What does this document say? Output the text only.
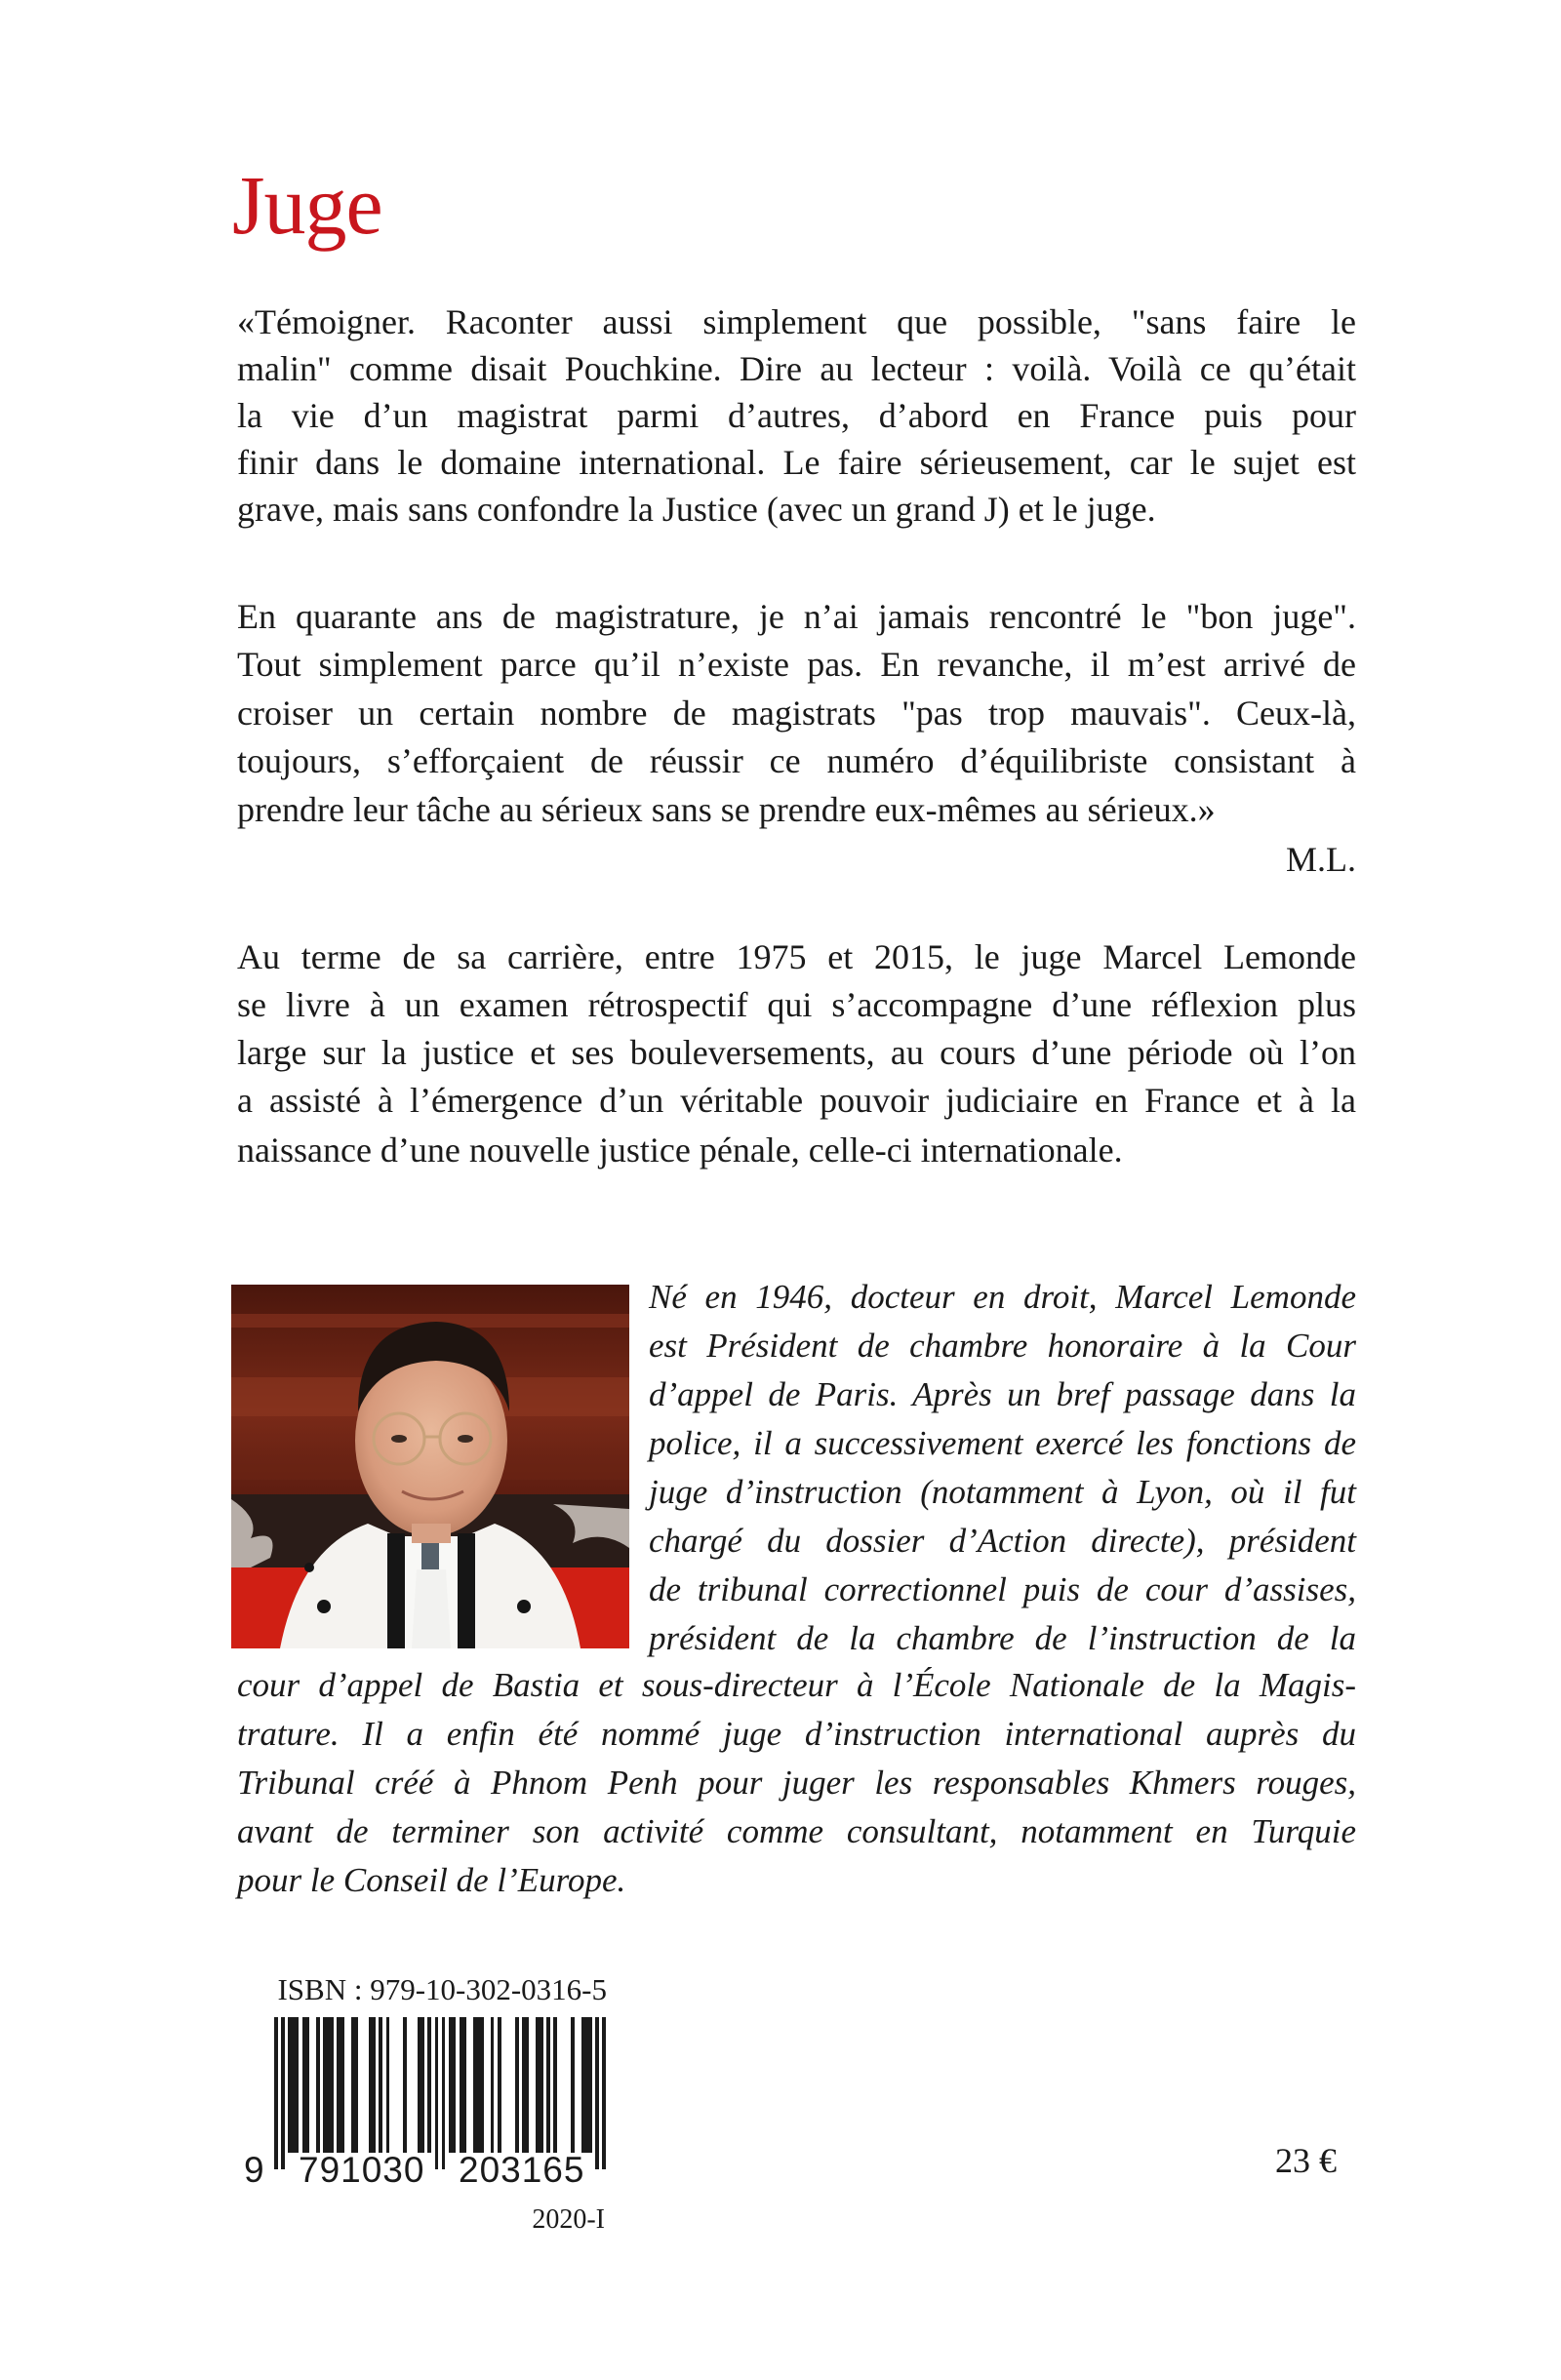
Juge
«Témoigner. Raconter aussi simplement que possible, "sans faire le
malin" comme disait Pouchkine. Dire au lecteur : voilà. Voilà ce qu’était
la vie d’un magistrat parmi d’autres, d’abord en France puis pour
finir dans le domaine international. Le faire sérieusement, car le sujet est
grave, mais sans confondre la Justice (avec un grand J) et le juge.
En quarante ans de magistrature, je n’ai jamais rencontré le "bon juge".
Tout simplement parce qu’il n’existe pas. En revanche, il m’est arrivé de
croiser un certain nombre de magistrats "pas trop mauvais". Ceux-là,
toujours, s’efforçaient de réussir ce numéro d’équilibriste consistant à
prendre leur tâche au sérieux sans se prendre eux-mêmes au sérieux.»
M.L.
Au terme de sa carrière, entre 1975 et 2015, le juge Marcel Lemonde
se livre à un examen rétrospectif qui s’accompagne d’une réflexion plus
large sur la justice et ses bouleversements, au cours d’une période où l’on
a assisté à l’émergence d’un véritable pouvoir judiciaire en France et à la
naissance d’une nouvelle justice pénale, celle-ci internationale.
Né en 1946, docteur en droit, Marcel Lemonde
est Président de chambre honoraire à la Cour
d’appel de Paris. Après un bref passage dans la
police, il a successivement exercé les fonctions de
juge d’instruction (notamment à Lyon, où il fut
chargé du dossier d’Action directe), président
de tribunal correctionnel puis de cour d’assises,
président de la chambre de l’instruction de la
cour d’appel de Bastia et sous-directeur à l’École Nationale de la Magis-
trature. Il a enfin été nommé juge d’instruction international auprès du
Tribunal créé à Phnom Penh pour juger les responsables Khmers rouges,
avant de terminer son activité comme consultant, notamment en Turquie
pour le Conseil de l’Europe.
ISBN : 979-10-302-0316-5
9 791030 203165
2020-I
23 €
